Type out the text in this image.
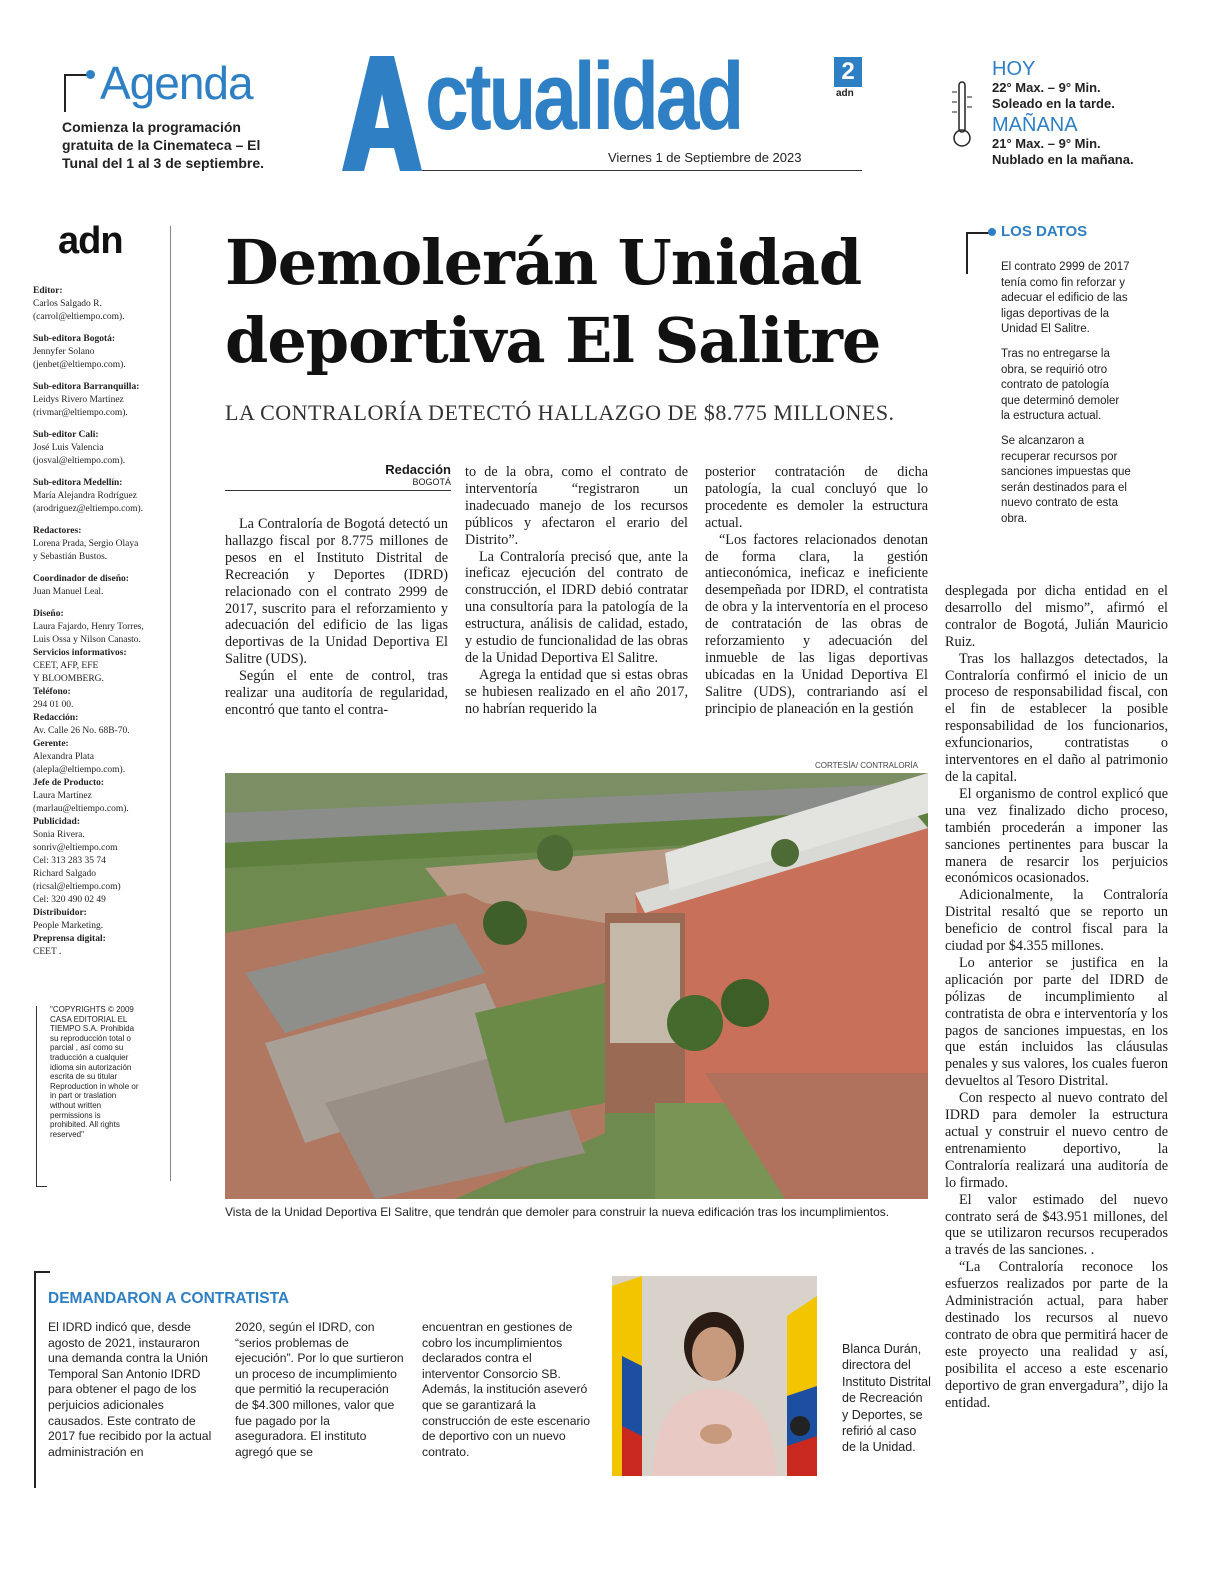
Agenda
Comienza la programación gratuita de la Cinemateca – El Tunal del 1 al 3 de septiembre.
ctualidad	2
adn
Viernes 1 de Septiembre de 2023
HOY
22° Max. – 9° Min.
Soleado en la tarde.
MAÑANA
21° Max. – 9° Min.
Nublado en la mañana.
adn
Editor:
Carlos Salgado R.
(carrol@eltiempo.com).
Sub-editora Bogotá:
Jennyfer Solano
(jenbet@eltiempo.com).
Sub-editora Barranquilla:
Leidys Rivero Martínez
(rivmar@eltiempo.com).
Sub-editor Cali:
José Luis Valencia
(josval@eltiempo.com).
Sub-editora Medellín:
María Alejandra Rodríguez
(arodriguez@eltiempo.com).
Redactores:
Lorena Prada, Sergio Olaya
y Sebastián Bustos.
Coordinador de diseño:
Juan Manuel Leal.
Diseño:
Laura Fajardo, Henry Torres,
Luis Ossa y Nilson Canasto.
Servicios informativos:
CEET, AFP, EFE
Y BLOOMBERG.
Teléfono:
294 01 00.
Redacción:
Av. Calle 26 No. 68B-70.
Gerente:
Alexandra Plata
(alepla@eltiempo.com).
Jefe de Producto:
Laura Martínez
(marlau@eltiempo.com).
Publicidad:
Sonia Rivera.
sonriv@eltiempo.com
Cel: 313 283 35 74
Richard Salgado
(ricsal@eltiempo.com)
Cel: 320 490 02 49
Distribuidor:
People Marketing.
Preprensa digital:
CEET .
"COPYRIGHTS © 2009 CASA EDITORIAL EL TIEMPO S.A. Prohibida su reproducción total o parcial , así como su traducción a cualquier idioma sin autorización escrita de su titular Reproduction in whole or in part or traslation without written permissions is prohibited. All rights reserved"
Demolerán Unidad
deportiva El Salitre
LA CONTRALORÍA DETECTÓ HALLAZGO DE $8.775 MILLONES.
Redacción
BOGOTÁ

La Contraloría de Bogotá detectó un hallazgo fiscal por 8.775 millones de pesos en el Instituto Distrital de Recreación y Deportes (IDRD) relacionado con el contrato 2999 de 2017, suscrito para el reforzamiento y adecuación del edificio de las ligas deportivas de la Unidad Deportiva El Salitre (UDS).

Según el ente de control, tras realizar una auditoría de regularidad, encontró que tanto el contra-

to de la obra, como el contrato de interventoría “registraron un inadecuado manejo de los recursos públicos y afectaron el erario del Distrito”.

La Contraloría precisó que, ante la ineficaz ejecución del contrato de construcción, el IDRD debió contratar una consultoría para la patología de la estructura, análisis de calidad, estado, y estudio de funcionalidad de las obras de la Unidad Deportiva El Salitre.

Agrega la entidad que si estas obras se hubiesen realizado en el año 2017, no habrían requerido la

posterior contratación de dicha patología, la cual concluyó que lo procedente es demoler la estructura actual.

“Los factores relacionados denotan de forma clara, la gestión antieconómica, ineficaz e ineficiente desempeñada por IDRD, el contratista de obra y la interventoría en el proceso de contratación de las obras de reforzamiento y adecuación del inmueble de las ligas deportivas ubicadas en la Unidad Deportiva El Salitre (UDS), contrariando así el principio de planeación en la gestión

desplegada por dicha entidad en el desarrollo del mismo”, afirmó el contralor de Bogotá, Julián Mauricio Ruiz.

Tras los hallazgos detectados, la Contraloría confirmó el inicio de un proceso de responsabilidad fiscal, con el fin de establecer la posible responsabilidad de los funcionarios, exfuncionarios, contratistas o interventores en el daño al patrimonio de la capital.

El organismo de control explicó que una vez finalizado dicho proceso, también procederán a imponer las sanciones pertinentes para buscar la manera de resarcir los perjuicios económicos ocasionados.

Adicionalmente, la Contraloría Distrital resaltó que se reporto un beneficio de control fiscal para la ciudad por $4.355 millones.

Lo anterior se justifica en la aplicación por parte del IDRD de pólizas de incumplimiento al contratista de obra e interventoría y los pagos de sanciones impuestas, en los que están incluidos las cláusulas penales y sus valores, los cuales fueron devueltos al Tesoro Distrital.

Con respecto al nuevo contrato del IDRD para demoler la estructura actual y construir el nuevo centro de entrenamiento deportivo, la Contraloría realizará una auditoría de lo firmado.

El valor estimado del nuevo contrato será de $43.951 millones, del que se utilizaron recursos recuperados a través de las sanciones. .

“La Contraloría reconoce los esfuerzos realizados por parte de la Administración actual, para haber destinado los recursos al nuevo contrato de obra que permitirá hacer de este proyecto una realidad y así, posibilita el acceso a este escenario deportivo de gran envergadura”, dijo la entidad.

CORTESÍA/ CONTRALORÍA
Vista de la Unidad Deportiva El Salitre, que tendrán que demoler para construir la nueva edificación tras los incumplimientos.
LOS DATOS

El contrato 2999 de 2017 tenía como fin reforzar y adecuar el edificio de las ligas deportivas de la Unidad El Salitre.

Tras no entregarse la obra, se requirió otro contrato de patología que determinó demoler la estructura actual.

Se alcanzaron a recuperar recursos por sanciones impuestas que serán destinados para el nuevo contrato de esta obra.

DEMANDARON A CONTRATISTA
El IDRD indicó que, desde agosto de 2021, instauraron una demanda contra la Unión Temporal San Antonio IDRD para obtener el pago de los perjuicios adicionales causados. Este contrato de 2017 fue recibido por la actual administración en
2020, según el IDRD, con “serios problemas de ejecución”. Por lo que surtieron un proceso de incumplimiento que permitió la recuperación de $4.300 millones, valor que fue pagado por la aseguradora. El instituto agregó que se
encuentran en gestiones de cobro los incumplimientos declarados contra el interventor Consorcio SB. Además, la institución aseveró que se garantizará la construcción de este escenario de deportivo con un nuevo contrato.
Blanca Durán, directora del Instituto Distrital de Recreación y Deportes, se refirió al caso de la Unidad.
